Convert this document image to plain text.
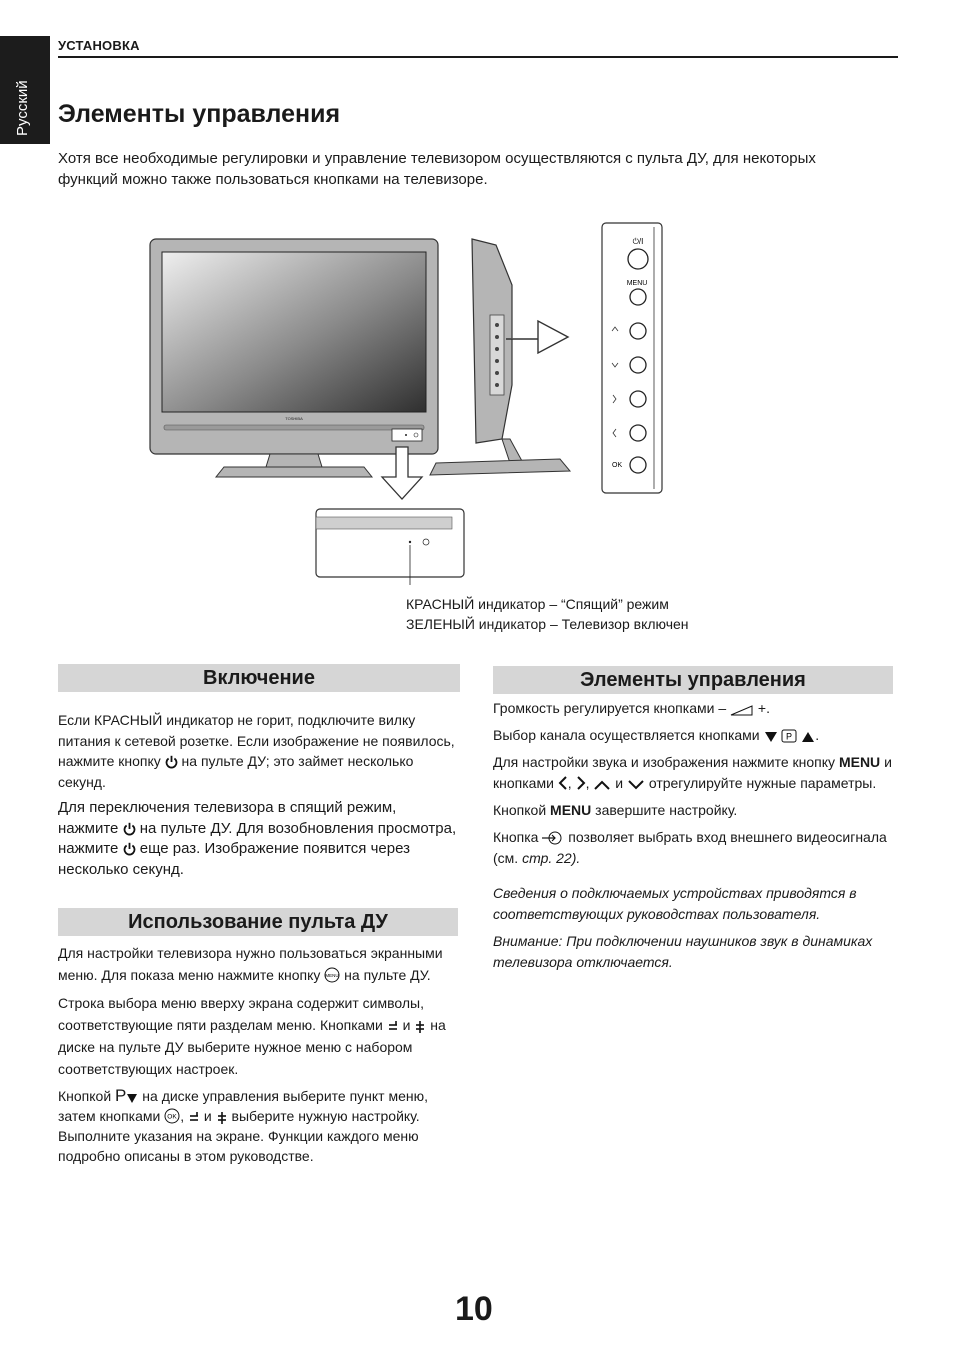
Русский
УСТАНОВКА
Элементы управления

Хотя все необходимые регулировки и управление телевизором осуществляются с пульта ДУ, для некоторых функций можно также пользоваться кнопками на телевизоре.

TOSHIBA
⏻/I
MENU
OK
КРАСНЫЙ индикатор – “Спящий” режим
ЗЕЛЕНЫЙ индикатор – Телевизор включен
Включение

Если КРАСНЫЙ индикатор не горит, подключите вилку питания к сетевой розетке. Если изображение не появилось, нажмите кнопку на пульте ДУ; это займет несколько секунд.

Для переключения телевизора в спящий режим, нажмите на пульте ДУ. Для возобновления просмотра, нажмите еще раз. Изображение появится через несколько секунд.

Использование пульта ДУ

Для настройки телевизора нужно пользоваться экранными меню. Для показа меню нажмите кнопку MENU на пульте ДУ.

Строка выбора меню вверху экрана содержит символы, соответствующие пяти разделам меню. Кнопками и на диске на пульте ДУ выберите нужное меню с набором соответствующих настроек.

Кнопкой P на диске управления выберите пункт меню, затем кнопками OK , и выберите нужную настройку. Выполните указания на экране. Функции каждого меню подробно описаны в этом руководстве.

Элементы управления

Громкость регулируется кнопками – +.

Выбор канала осуществляется кнопками
	P
.

Для настройки звука и изображения нажмите кнопку MENU и кнопками , , и отрегулируйте нужные параметры.

Кнопкой MENU завершите настройку.

Кнопка позволяет выбрать вход внешнего видеосигнала (см. стр. 22).

Сведения о подключаемых устройствах приводятся в соответствующих руководствах пользователя.

Внимание: При подключении наушников звук в динамиках телевизора отключается.

10
